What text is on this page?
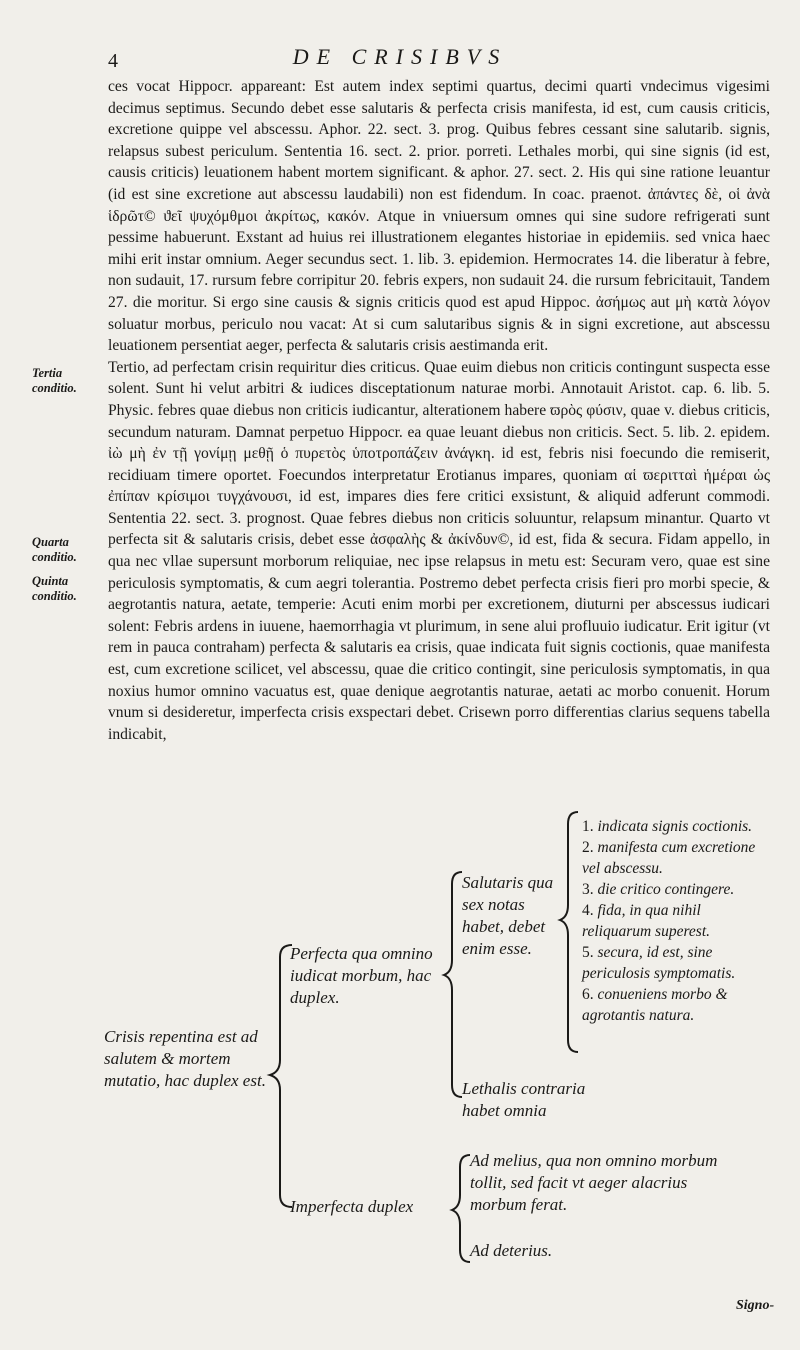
4	DE CRISIBVS

ces vocat Hippocr. appareant: Est autem index septimi quartus, decimi quarti vndecimus vigesimi decimus septimus. Secundo debet esse salutaris & perfecta crisis manifesta, id est, cum causis criticis, excretione quippe vel abscessu. Aphor. 22. sect. 3. prog. Quibus febres cessant sine salutarib. signis, relapsus subest periculum. Sententia 16. sect. 2. prior. porreti. Lethales morbi, qui sine signis (id est, causis criticis) leuationem habent mortem significant. & aphor. 27. sect. 2. His qui sine ratione leuantur (id est sine excretione aut abscessu laudabili) non est fidendum. In coac. praenot. ἀπάντες δὲ, οἱ ἀνὰ ἱδρῶτ© ϑεῖ ψυχόμθμοι ἀκρίτως, κακόν. Atque in vniuersum omnes qui sine sudore refrigerati sunt pessime habuerunt. Exstant ad huius rei illustrationem elegantes historiae in epidemiis. sed vnica haec mihi erit instar omnium. Aeger secundus sect. 1. lib. 3. epidemion. Hermocrates 14. die liberatur à febre, non sudauit, 17. rursum febre corripitur 20. febris expers, non sudauit 24. die rursum febricitauit, Tandem 27. die moritur. Si ergo sine causis & signis criticis quod est apud Hippoc. ἀσήμως aut μὴ κατὰ λόγον soluatur morbus, periculo nou vacat: At si cum salutaribus signis & in signi excretione, aut abscessu leuationem persentiat aeger, perfecta & salutaris crisis aestimanda erit.

Tertio, ad perfectam crisin requiritur dies criticus. Quae euim diebus non criticis contingunt suspecta esse solent. Sunt hi velut arbitri & iudices disceptationum naturae morbi. Annotauit Aristot. cap. 6. lib. 5. Physic. febres quae diebus non criticis iudicantur, alterationem habere ϖρὸς φύσιν, quae v. diebus criticis, secundum naturam. Damnat perpetuo Hippocr. ea quae leuant diebus non criticis. Sect. 5. lib. 2. epidem. ἰὼ μὴ ἐν τῇ γονίμῃ μεθῇ ὁ πυρετὸς ὑποτροπάζειν ἀνάγκη. id est, febris nisi foecundo die remiserit, recidiuam timere oportet. Foecundos interpretatur Erotianus impares, quoniam αἱ ϖεριτταὶ ἡμέραι ὡς ἐπίπαν κρίσιμοι τυγχάνουσι, id est, impares dies fere critici exsistunt, & aliquid adferunt commodi. Sententia 22. sect. 3. prognost. Quae febres diebus non criticis soluuntur, relapsum minantur. Quarto vt perfecta sit & salutaris crisis, debet esse ἀσφαλὴς & ἀκίνδυν©, id est, fida & secura. Fidam appello, in qua nec vllae supersunt morborum reliquiae, nec ipse relapsus in metu est: Securam vero, quae est sine periculosis symptomatis, & cum aegri tolerantia. Postremo debet perfecta crisis fieri pro morbi specie, & aegrotantis natura, aetate, temperie: Acuti enim morbi per excretionem, diuturni per abscessus iudicari solent: Febris ardens in iuuene, haemorrhagia vt plurimum, in sene alui profluuio iudicatur. Erit igitur (vt rem in pauca contraham) perfecta & salutaris ea crisis, quae indicata fuit signis coctionis, quae manifesta est, cum excretione scilicet, vel abscessu, quae die critico contingit, sine periculosis symptomatis, in qua noxius humor omnino vacuatus est, quae denique aegrotantis naturae, aetati ac morbo conuenit. Horum vnum si desideretur, imperfecta crisis exspectari debet. Crisewn porro differentias clarius sequens tabella indicabit,

Tertia conditio.
Quarta conditio.
Quinta conditio.
Crisis repentina est ad salutem & mortem mutatio, hac duplex est.
Perfecta qua omnino iudicat morbum, hac duplex.
Imperfecta duplex
Salutaris qua sex notas habet, debet enim esse.
Lethalis contraria habet omnia
Ad melius, qua non omnino morbum tollit, sed facit vt aeger alacrius morbum ferat.
Ad deterius.
1. indicata signis coctionis.
2. manifesta cum excretione vel abscessu.
3. die critico contingere.
4. fida, in qua nihil reliquarum superest.
5. secura, id est, sine periculosis symptomatis.
6. conueniens morbo & agrotantis natura.
Signo-
